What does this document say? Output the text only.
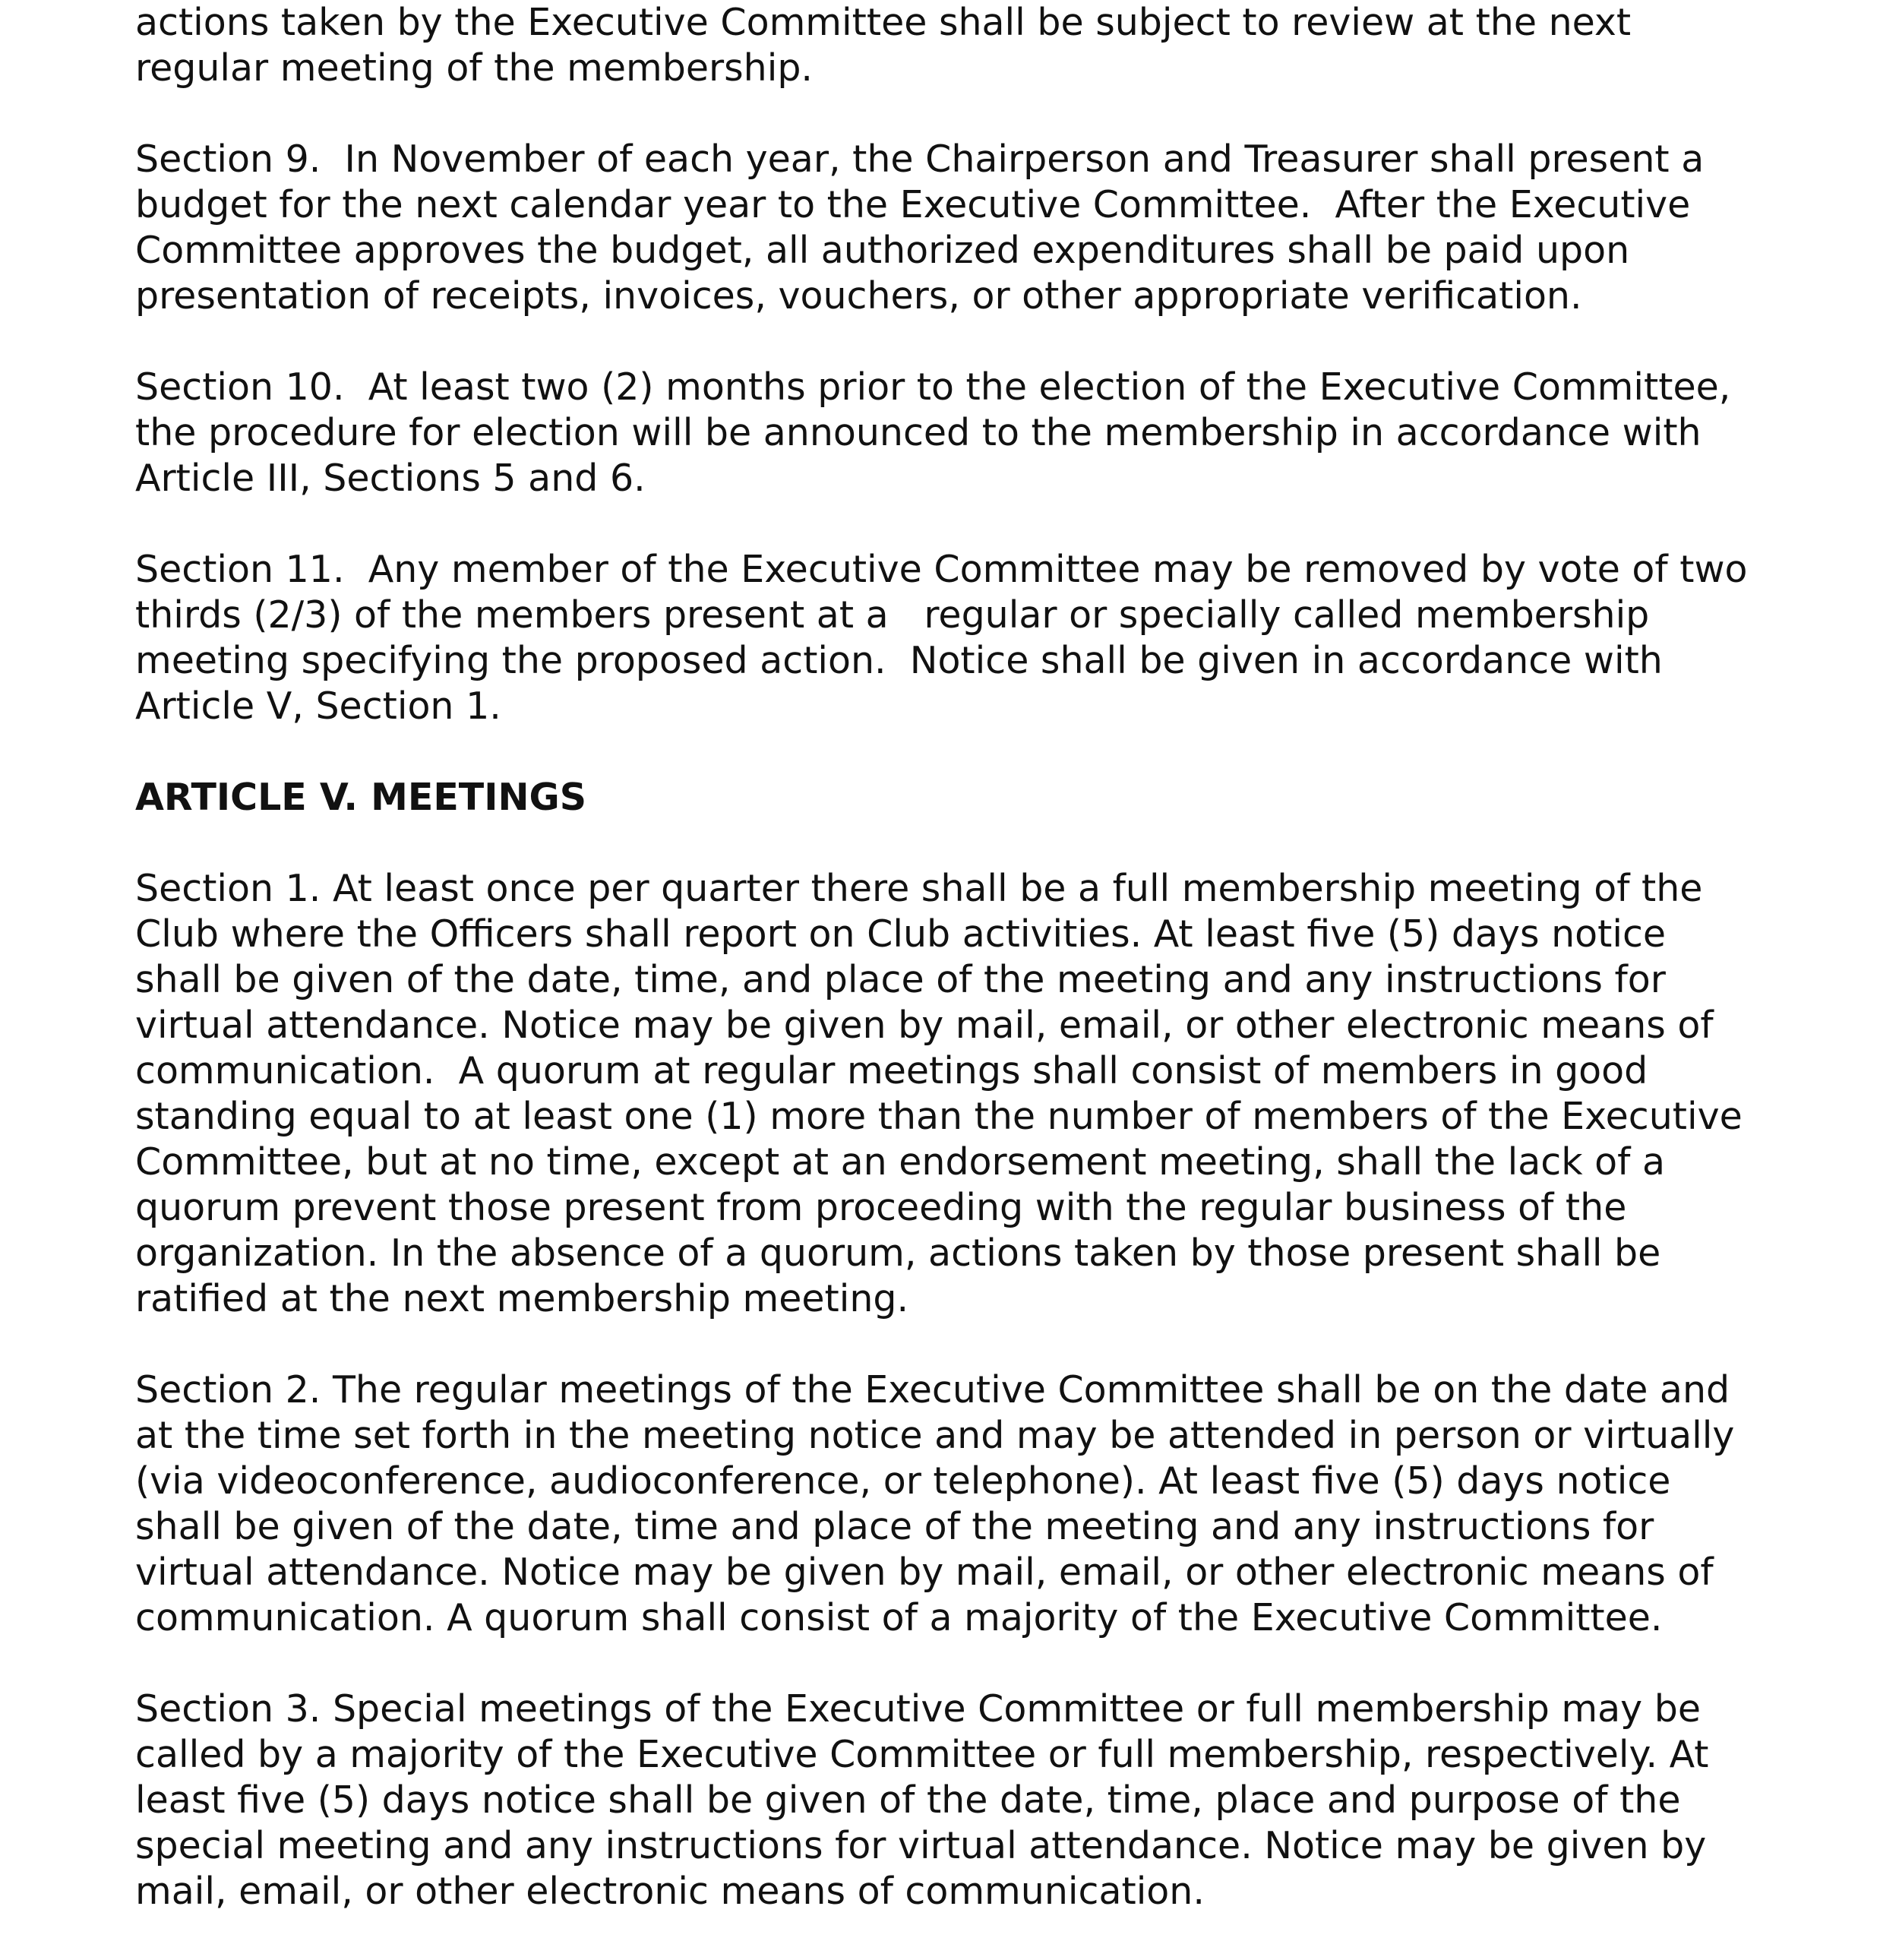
actions taken by the Executive Committee shall be subject to review at the next
regular meeting of the membership.
Section 9.  In November of each year, the Chairperson and Treasurer shall present a
budget for the next calendar year to the Executive Committee.  After the Executive
Committee approves the budget, all authorized expenditures shall be paid upon
presentation of receipts, invoices, vouchers, or other appropriate verification.
Section 10.  At least two (2) months prior to the election of the Executive Committee,
the procedure for election will be announced to the membership in accordance with
Article III, Sections 5 and 6.
Section 11.  Any member of the Executive Committee may be removed by vote of two
thirds (2/3) of the members present at a   regular or specially called membership
meeting specifying the proposed action.  Notice shall be given in accordance with
Article V, Section 1.
ARTICLE V. MEETINGS
Section 1. At least once per quarter there shall be a full membership meeting of the
Club where the Officers shall report on Club activities. At least five (5) days notice
shall be given of the date, time, and place of the meeting and any instructions for
virtual attendance. Notice may be given by mail, email, or other electronic means of
communication.  A quorum at regular meetings shall consist of members in good
standing equal to at least one (1) more than the number of members of the Executive
Committee, but at no time, except at an endorsement meeting, shall the lack of a
quorum prevent those present from proceeding with the regular business of the
organization. In the absence of a quorum, actions taken by those present shall be
ratified at the next membership meeting.
Section 2. The regular meetings of the Executive Committee shall be on the date and
at the time set forth in the meeting notice and may be attended in person or virtually
(via videoconference, audioconference, or telephone). At least five (5) days notice
shall be given of the date, time and place of the meeting and any instructions for
virtual attendance. Notice may be given by mail, email, or other electronic means of
communication. A quorum shall consist of a majority of the Executive Committee.
Section 3. Special meetings of the Executive Committee or full membership may be
called by a majority of the Executive Committee or full membership, respectively. At
least five (5) days notice shall be given of the date, time, place and purpose of the
special meeting and any instructions for virtual attendance. Notice may be given by
mail, email, or other electronic means of communication.
